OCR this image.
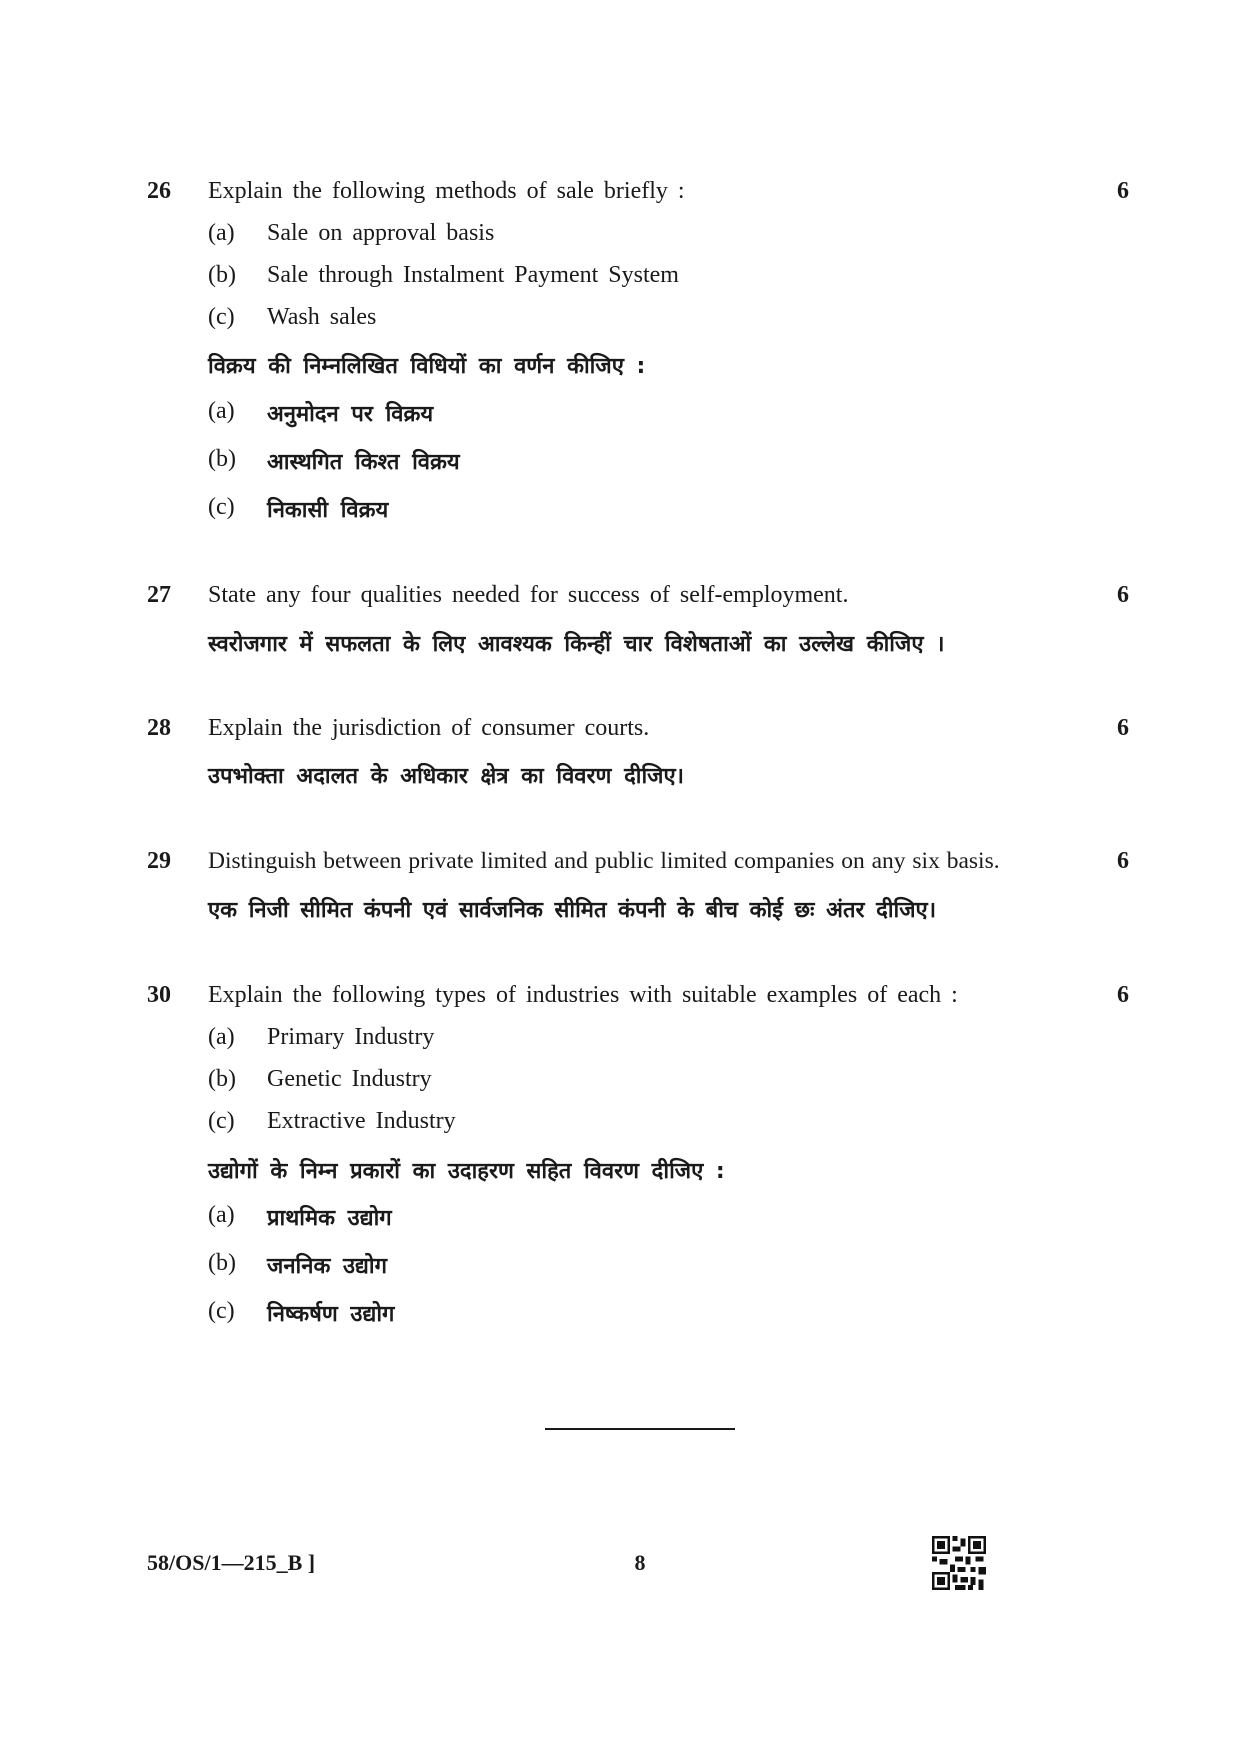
26	Explain the following methods of sale briefly :	6
(a) Sale on approval basis
(b) Sale through Instalment Payment System
(c) Wash sales
विक्रय की निम्नलिखित विधियों का वर्णन कीजिए :
(a) अनुमोदन पर विक्रय
(b) आस्थगित किश्त विक्रय
(c) निकासी विक्रय
27	State any four qualities needed for success of self-employment.	6
स्वरोजगार में सफलता के लिए आवश्यक किन्हीं चार विशेषताओं का उल्लेख कीजिए ।
28	Explain the jurisdiction of consumer courts.	6
उपभोक्ता अदालत के अधिकार क्षेत्र का विवरण दीजिए।
29	Distinguish between private limited and public limited companies on any six basis.	6
एक निजी सीमित कंपनी एवं सार्वजनिक सीमित कंपनी के बीच कोई छः अंतर दीजिए।
30	Explain the following types of industries with suitable examples of each :	6
(a) Primary Industry
(b) Genetic Industry
(c) Extractive Industry
उद्योगों के निम्न प्रकारों का उदाहरण सहित विवरण दीजिए :
(a) प्राथमिक उद्योग
(b) जननिक उद्योग
(c) निष्कर्षण उद्योग
58/OS/1—215_B ]	8
